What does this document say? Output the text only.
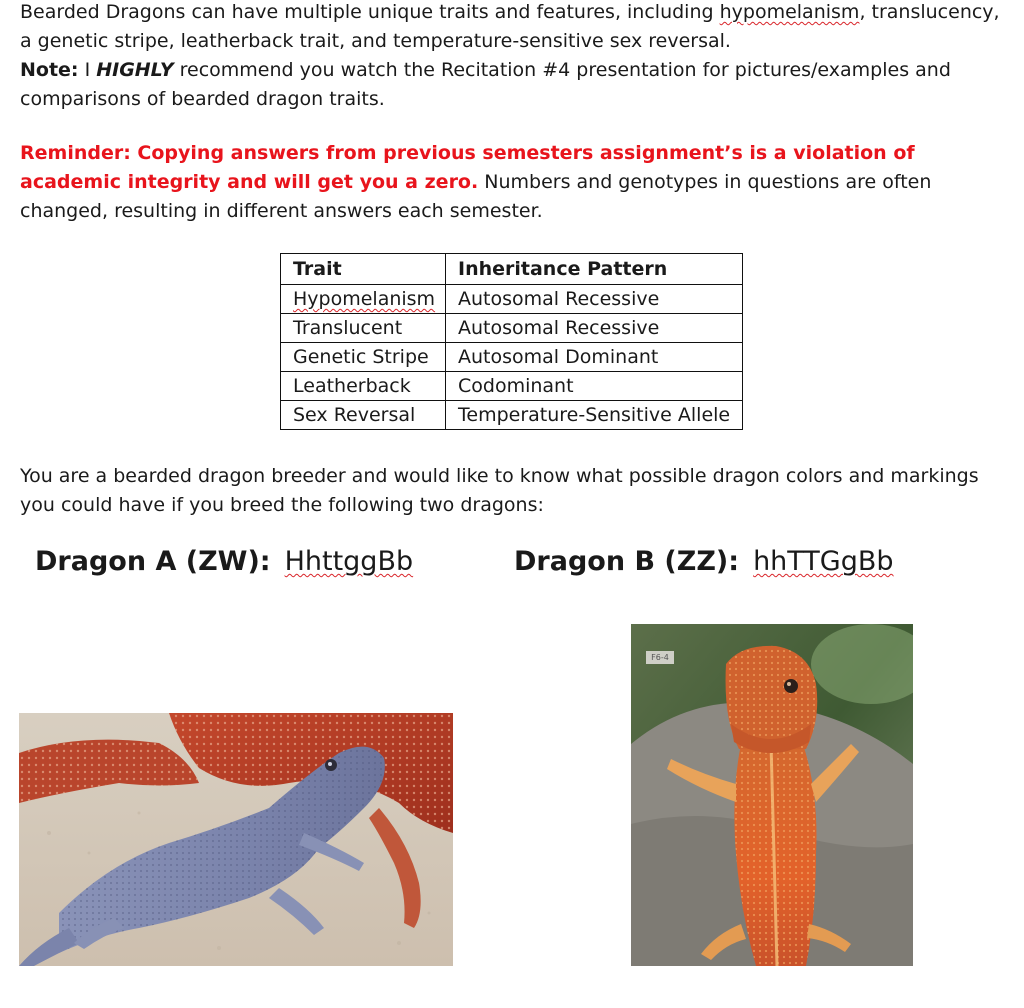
Bearded Dragons can have multiple unique traits and features, including hypomelanism, translucency, a genetic stripe, leatherback trait, and temperature-sensitive sex reversal.
Note: I HIGHLY recommend you watch the Recitation #4 presentation for pictures/examples and comparisons of bearded dragon traits.

Reminder: Copying answers from previous semesters assignment’s is a violation of academic integrity and will get you a zero. Numbers and genotypes in questions are often changed, resulting in different answers each semester.

Trait	Inheritance Pattern
Hypomelanism	Autosomal Recessive
Translucent	Autosomal Recessive
Genetic Stripe	Autosomal Dominant
Leatherback	Codominant
Sex Reversal	Temperature-Sensitive Allele

You are a bearded dragon breeder and would like to know what possible dragon colors and markings you could have if you breed the following two dragons:

Dragon A (ZW): HhttggBb	Dragon B (ZZ): hhTTGgBb
F6-4
